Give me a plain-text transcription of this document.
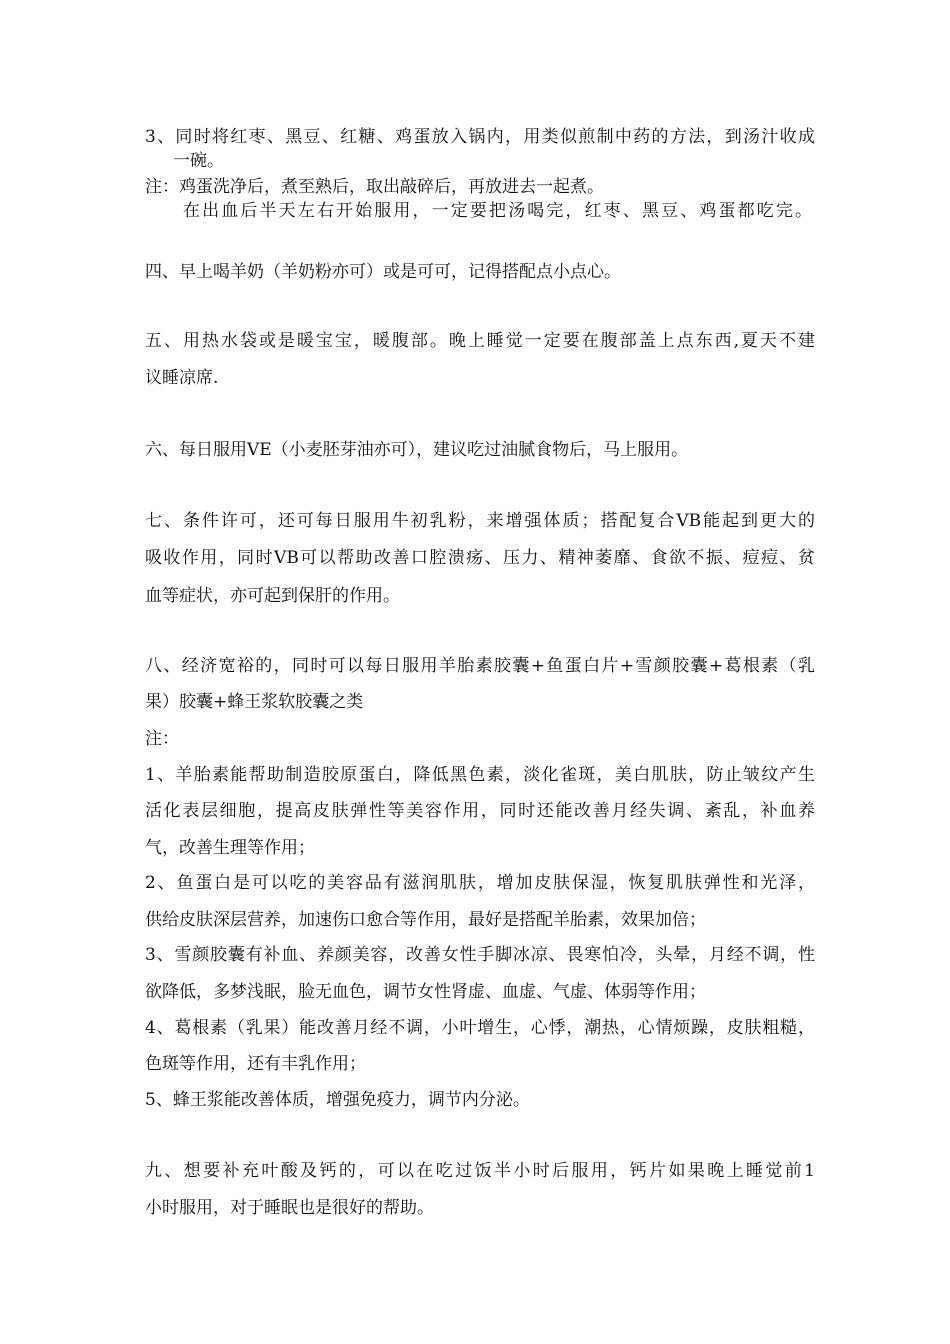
3、同时将红枣、黑豆、红糖、鸡蛋放入锅内，用类似煎制中药的方法，到汤汁收成
一碗。
注：鸡蛋洗净后，煮至熟后，取出敲碎后，再放进去一起煮。
在出血后半天左右开始服用，一定要把汤喝完，红枣、黑豆、鸡蛋都吃完。
四、早上喝羊奶（羊奶粉亦可）或是可可，记得搭配点小点心。
五、用热水袋或是暖宝宝，暖腹部。晚上睡觉一定要在腹部盖上点东西,夏天不建
议睡凉席.
六、每日服用VE（小麦胚芽油亦可），建议吃过油腻食物后，马上服用。
七、条件许可，还可每日服用牛初乳粉，来增强体质；搭配复合VB能起到更大的
吸收作用，同时VB可以帮助改善口腔溃疡、压力、精神萎靡、食欲不振、痘痘、贫
血等症状，亦可起到保肝的作用。
八、经济宽裕的，同时可以每日服用羊胎素胶囊+鱼蛋白片+雪颜胶囊+葛根素（乳
果）胶囊+蜂王浆软胶囊之类
注：
1、羊胎素能帮助制造胶原蛋白，降低黑色素，淡化雀斑，美白肌肤，防止皱纹产生
活化表层细胞，提高皮肤弹性等美容作用，同时还能改善月经失调、紊乱，补血养
气，改善生理等作用；
2、鱼蛋白是可以吃的美容品有滋润肌肤，增加皮肤保湿，恢复肌肤弹性和光泽，
供给皮肤深层营养，加速伤口愈合等作用，最好是搭配羊胎素，效果加倍；
3、雪颜胶囊有补血、养颜美容，改善女性手脚冰凉、畏寒怕冷，头晕，月经不调，性
欲降低，多梦浅眠，脸无血色，调节女性肾虚、血虚、气虚、体弱等作用；
4、葛根素（乳果）能改善月经不调，小叶增生，心悸，潮热，心情烦躁，皮肤粗糙，
色斑等作用，还有丰乳作用；
5、蜂王浆能改善体质，增强免疫力，调节内分泌。
九、想要补充叶酸及钙的，可以在吃过饭半小时后服用，钙片如果晚上睡觉前1
小时服用，对于睡眠也是很好的帮助。
